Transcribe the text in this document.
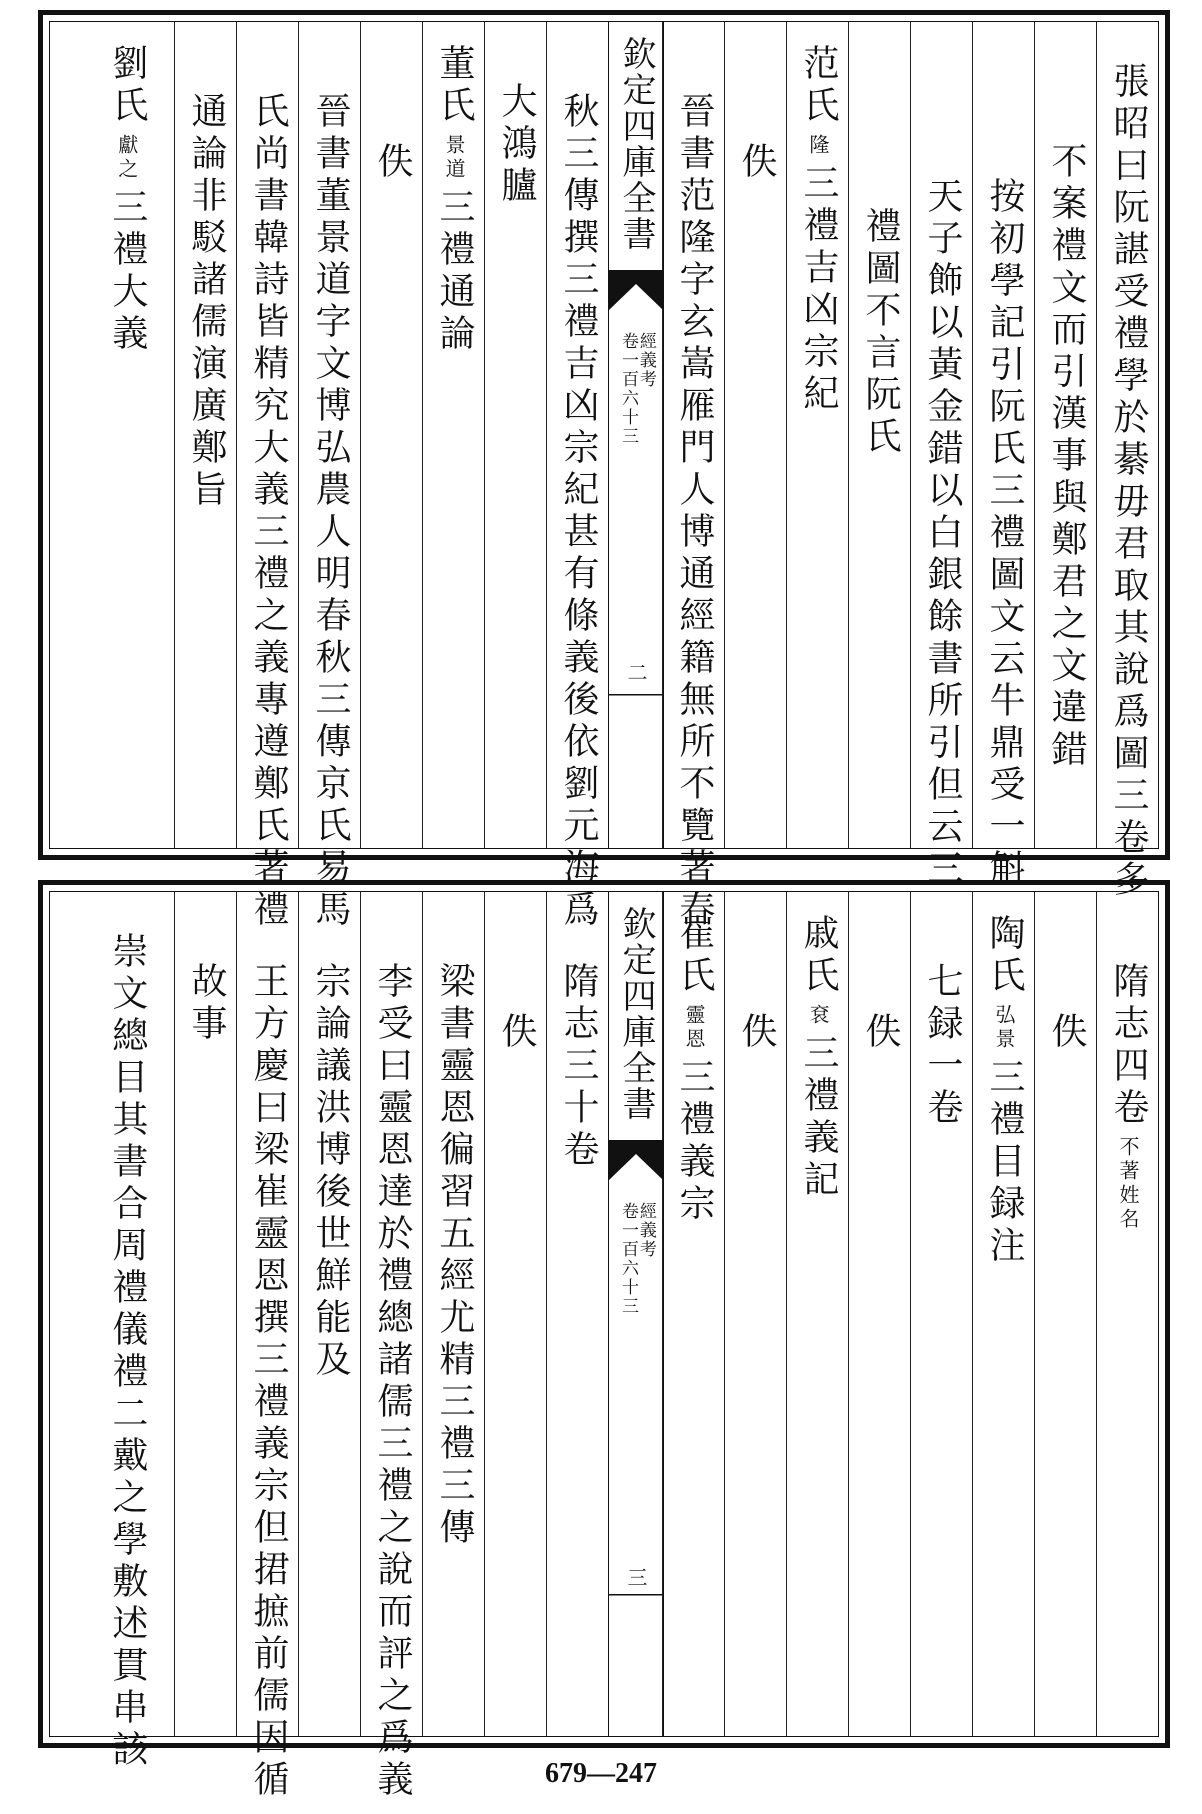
張昭曰阮諶受禮學於綦毋君取其說爲圖三卷多
不案禮文而引漢事與鄭君之文違錯
按初學記引阮氏三禮圖文云牛鼎受一斛
天子飾以黃金錯以白銀餘書所引但云三
禮圖不言阮氏
范氏隆三禮吉凶宗紀
佚
晉書范隆字玄嵩雁門人博通經籍無所不覽著春
欽定四庫全書
經義考
卷一百六十三
二
秋三傳撰三禮吉凶宗紀甚有條義後依劉元海爲
大鴻臚
董氏景道三禮通論
佚
晉書董景道字文博弘農人明春秋三傳京氏易馬
氏尚書韓詩皆精究大義三禮之義專遵鄭氏著禮
通論非駁諸儒演廣鄭旨
劉氏獻之三禮大義
隋志四卷不著姓名
佚
陶氏弘景三禮目録注
七録一卷
佚
戚氏袞三禮義記
佚
崔氏靈恩三禮義宗
欽定四庫全書
經義考
卷一百六十三
三
隋志三十卷
佚
梁書靈恩徧習五經尤精三禮三傳
李受曰靈恩達於禮總諸儒三禮之說而評之爲義
宗論議洪博後世鮮能及
王方慶曰梁崔靈恩撰三禮義宗但捃摭前儒因循
故事
崇文總目其書合周禮儀禮二戴之學敷述貫串該
679—247
